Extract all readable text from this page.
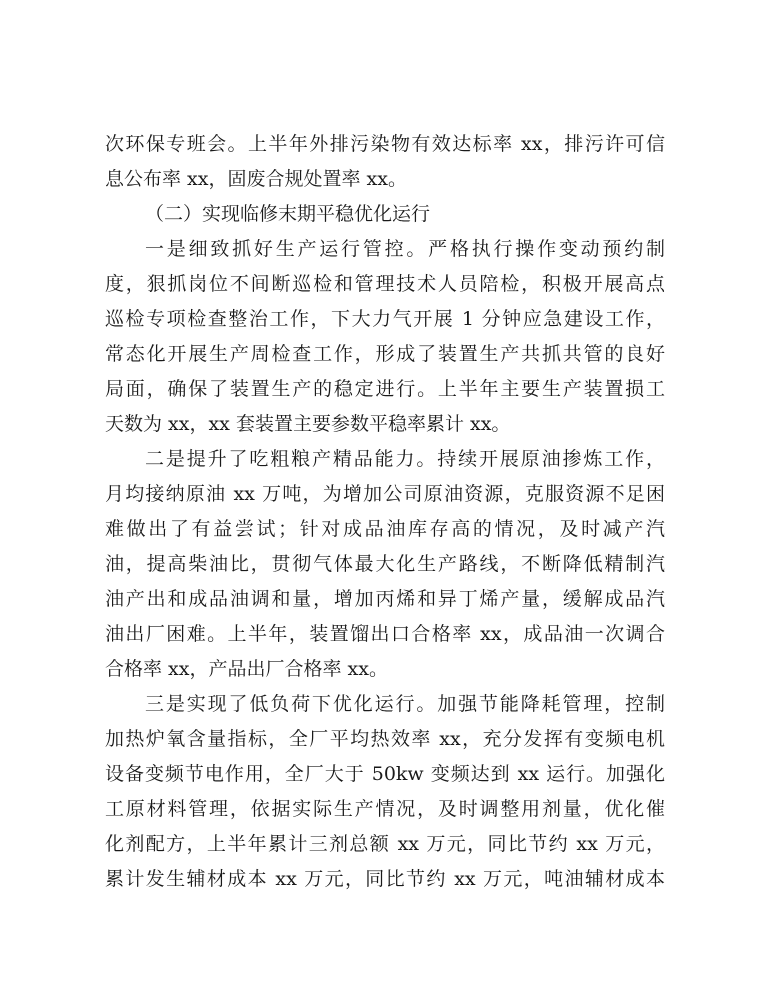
次环保专班会。上半年外排污染物有效达标率 xx，排污许可信
息公布率 xx，固废合规处置率 xx。
（二）实现临修末期平稳优化运行
一是细致抓好生产运行管控。严格执行操作变动预约制
度，狠抓岗位不间断巡检和管理技术人员陪检，积极开展高点
巡检专项检查整治工作，下大力气开展 1 分钟应急建设工作，
常态化开展生产周检查工作，形成了装置生产共抓共管的良好
局面，确保了装置生产的稳定进行。上半年主要生产装置损工
天数为 xx，xx 套装置主要参数平稳率累计 xx。
二是提升了吃粗粮产精品能力。持续开展原油掺炼工作，
月均接纳原油 xx 万吨，为增加公司原油资源，克服资源不足困
难做出了有益尝试；针对成品油库存高的情况，及时减产汽
油，提高柴油比，贯彻气体最大化生产路线，不断降低精制汽
油产出和成品油调和量，增加丙烯和异丁烯产量，缓解成品汽
油出厂困难。上半年，装置馏出口合格率 xx，成品油一次调合
合格率 xx，产品出厂合格率 xx。
三是实现了低负荷下优化运行。加强节能降耗管理，控制
加热炉氧含量指标，全厂平均热效率 xx，充分发挥有变频电机
设备变频节电作用，全厂大于 50kw 变频达到 xx 运行。加强化
工原材料管理，依据实际生产情况，及时调整用剂量，优化催
化剂配方，上半年累计三剂总额 xx 万元，同比节约 xx 万元，
累计发生辅材成本 xx 万元，同比节约 xx 万元，吨油辅材成本
